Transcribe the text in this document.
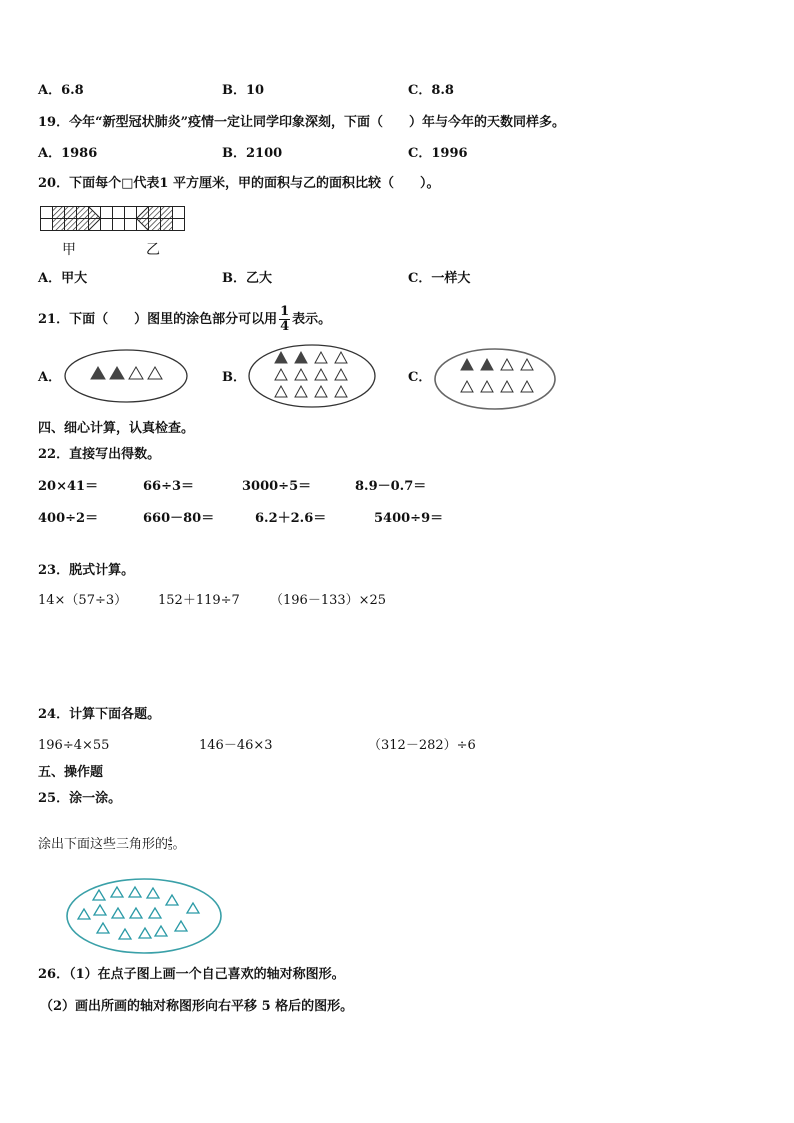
A．6.8	B．10	C．8.8
19．今年“新型冠状肺炎”疫情一定让同学印象深刻，下面（　　）年与今年的天数同样多。
A．1986	B．2100	C．1996
20．下面每个□代表1 平方厘米，甲的面积与乙的面积比较（　　）。
甲	乙
A．甲大	B．乙大	C．一样大
21．下面（　　）图里的涂色部分可以用 $\frac{1}{4}$ 表示。
A．	B．	C．
四、细心计算，认真检查。
22．直接写出得数。
20×41＝	66÷3＝	3000÷5＝	8.9－0.7＝
400÷2＝	660－80＝	6.2＋2.6＝	5400÷9＝
23．脱式计算。
14×（57÷3） 152＋119÷7 （196－133）×25
24．计算下面各题。
196÷4×55	146－46×3	（312－282）÷6
五、操作题
25．涂一涂。
涂出下面这些三角形的 $\frac{4}{5}$ 。
26．（1）在点子图上画一个自己喜欢的轴对称图形。
（2）画出所画的轴对称图形向右平移 5 格后的图形。
